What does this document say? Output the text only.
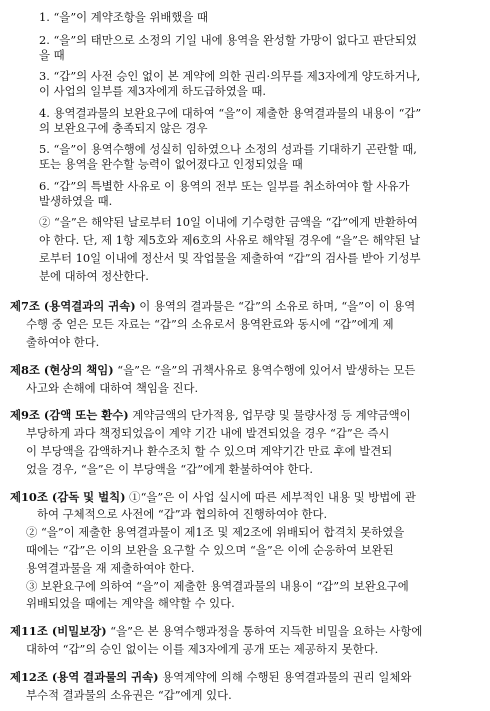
1. “을”이 계약조항을 위배했을 때
2. “을”의 태만으로 소정의 기일 내에 용역을 완성할 가망이 없다고 판단되었
을 때
3. “갑”의 사전 승인 없이 본 계약에 의한 권리·의무를 제3자에게 양도하거나,
이 사업의 일부를 제3자에게 하도급하였을 때.
4. 용역결과물의 보완요구에 대하여 “을”이 제출한 용역결과물의 내용이 “갑”
의 보완요구에 충족되지 않은 경우
5. “을”이 용역수행에 성실히 임하였으나 소정의 성과를 기대하기 곤란할 때,
또는 용역을 완수할 능력이 없어졌다고 인정되었을 때
6. “갑”의 특별한 사유로 이 용역의 전부 또는 일부를 취소하여야 할 사유가
발생하였을 때.
② “을”은 해약된 날로부터 10일 이내에 기수령한 금액을 “갑”에게 반환하여
야 한다. 단, 제 1항 제5호와 제6호의 사유로 해약될 경우에 “을”은 해약된 날
로부터 10일 이내에 정산서 및 작업물을 제출하여 “갑”의 검사를 받아 기성부
분에 대하여 정산한다.
제7조 (용역결과의 귀속) 이 용역의 결과물은 “갑”의 소유로 하며, “을”이 이 용역
수행 중 얻은 모든 자료는 “갑”의 소유로서 용역완료와 동시에 “갑”에게 제
출하여야 한다.
제8조 (현상의 책임) “을”은 “을”의 귀책사유로 용역수행에 있어서 발생하는 모든
사고와 손해에 대하여 책임을 진다.
제9조 (감액 또는 환수) 계약금액의 단가적용, 업무량 및 물량사정 등 계약금액이
부당하게 과다 책정되었음이 계약 기간 내에 발견되었을 경우 “갑”은 즉시
이 부당액을 감액하거나 환수조치 할 수 있으며 계약기간 만료 후에 발견되
었을 경우, “을”은 이 부당액을 “갑”에게 환불하여야 한다.
제10조 (감독 및 벌칙) ①“을”은 이 사업 실시에 따른 세부적인 내용 및 방법에 관
하여 구체적으로 사전에 “갑”과 협의하여 진행하여야 한다.
② “을”이 제출한 용역결과물이 제1조 및 제2조에 위배되어 합격치 못하였을
때에는 “갑”은 이의 보완을 요구할 수 있으며 “을”은 이에 순응하여 보완된
용역결과물을 재 제출하여야 한다.
③ 보완요구에 의하여 “을”이 제출한 용역결과물의 내용이 “갑”의 보완요구에
위배되었을 때에는 계약을 해약할 수 있다.
제11조 (비밀보장) “을”은 본 용역수행과정을 통하여 지득한 비밀을 요하는 사항에
대하여 “갑”의 승인 없이는 이를 제3자에게 공개 또는 제공하지 못한다.
제12조 (용역 결과물의 귀속) 용역계약에 의해 수행된 용역결과물의 권리 일체와
부수적 결과물의 소유권은 “갑”에게 있다.
